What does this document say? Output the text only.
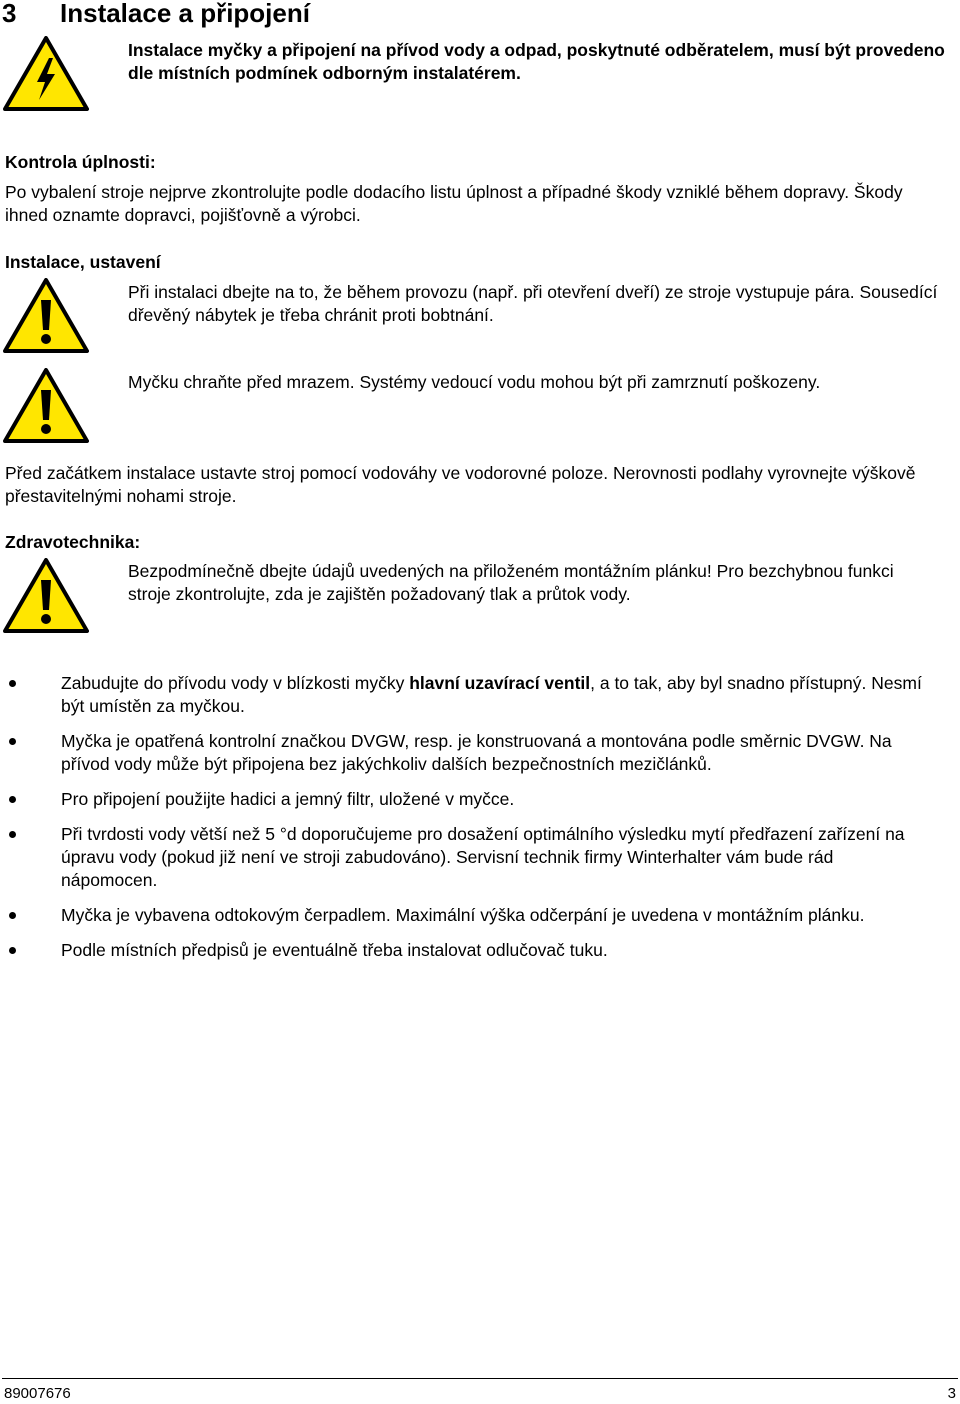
3 Instalace a připojení
Instalace myčky a připojení na přívod vody a odpad, poskytnuté odběratelem, musí být provedeno dle místních podmínek odborným instalatérem.
Kontrola úplnosti:
Po vybalení stroje nejprve zkontrolujte podle dodacího listu úplnost a případné škody vzniklé během dopravy. Škody ihned oznamte dopravci, pojišťovně a výrobci.
Instalace, ustavení
Při instalaci dbejte na to, že během provozu (např. při otevření dveří) ze stroje vystupuje pára. Sousedící dřevěný nábytek je třeba chránit proti bobtnání.
Myčku chraňte před mrazem. Systémy vedoucí vodu mohou být při zamrznutí poškozeny.
Před začátkem instalace ustavte stroj pomocí vodováhy ve vodorovné poloze. Nerovnosti podlahy vyrovnejte výškově přestavitelnými nohami stroje.
Zdravotechnika:
Bezpodmínečně dbejte údajů uvedených na přiloženém montážním plánku! Pro bezchybnou funkci stroje zkontrolujte, zda je zajištěn požadovaný tlak a průtok vody.
Zabudujte do přívodu vody v blízkosti myčky hlavní uzavírací ventil, a to tak, aby byl snadno přístupný. Nesmí být umístěn za myčkou.
Myčka je opatřená kontrolní značkou DVGW, resp. je konstruovaná a montována podle směrnic DVGW. Na přívod vody může být připojena bez jakýchkoliv dalších bezpečnostních mezičlánků.
Pro připojení použijte hadici a jemný filtr, uložené v myčce.
Při tvrdosti vody větší než 5 °d doporučujeme pro dosažení optimálního výsledku mytí předřazení zařízení na úpravu vody (pokud již není ve stroji zabudováno). Servisní technik firmy Winterhalter vám bude rád nápomocen.
Myčka je vybavena odtokovým čerpadlem. Maximální výška odčerpání je uvedena v montážním plánku.
Podle místních předpisů je eventuálně třeba instalovat odlučovač tuku.
89007676	3
